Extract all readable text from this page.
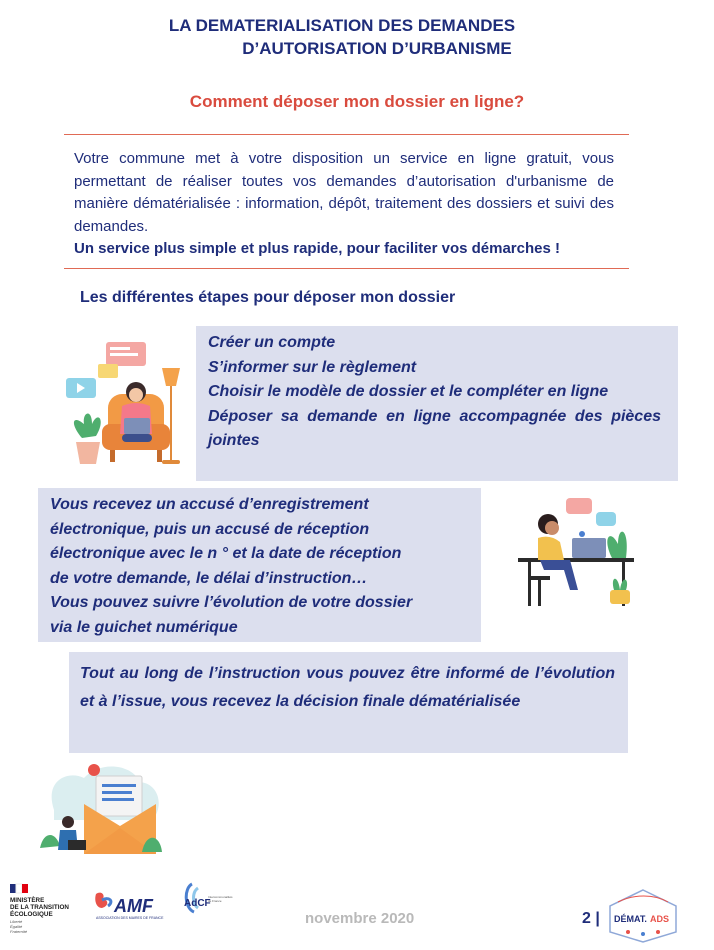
LA DEMATERIALISATION DES DEMANDES
D’AUTORISATION D’URBANISME
Comment déposer mon dossier en ligne?
Votre commune met à votre disposition un service en ligne gratuit, vous permettant de réaliser toutes vos demandes d’autorisation d'urbanisme de manière dématérialisée : information, dépôt, traitement des dossiers et suivi des demandes.
Un service plus simple et plus rapide, pour faciliter vos démarches !
Les différentes étapes pour déposer mon dossier
Créer un compte
S’informer sur le règlement
Choisir le modèle de dossier et le compléter en ligne
Déposer sa demande en ligne accompagnée des pièces jointes
Vous recevez un accusé d’enregistrement
électronique, puis un accusé de réception
électronique avec le n ° et la date de réception
de votre demande, le délai d’instruction…
Vous pouvez suivre l’évolution de votre dossier
via le guichet numérique
Tout au long de l’instruction vous pouvez être informé de l’évolution et à l’issue, vous recevez la décision finale dématérialisée
MINISTÈRE
DE LA TRANSITION
ÉCOLOGIQUE
Liberté
Égalité
Fraternité
AMF
ASSOCIATION DES MAIRES DE FRANCE
AdCF
Intercommunalités
de France
novembre 2020	2 | DÉMAT. ADS
